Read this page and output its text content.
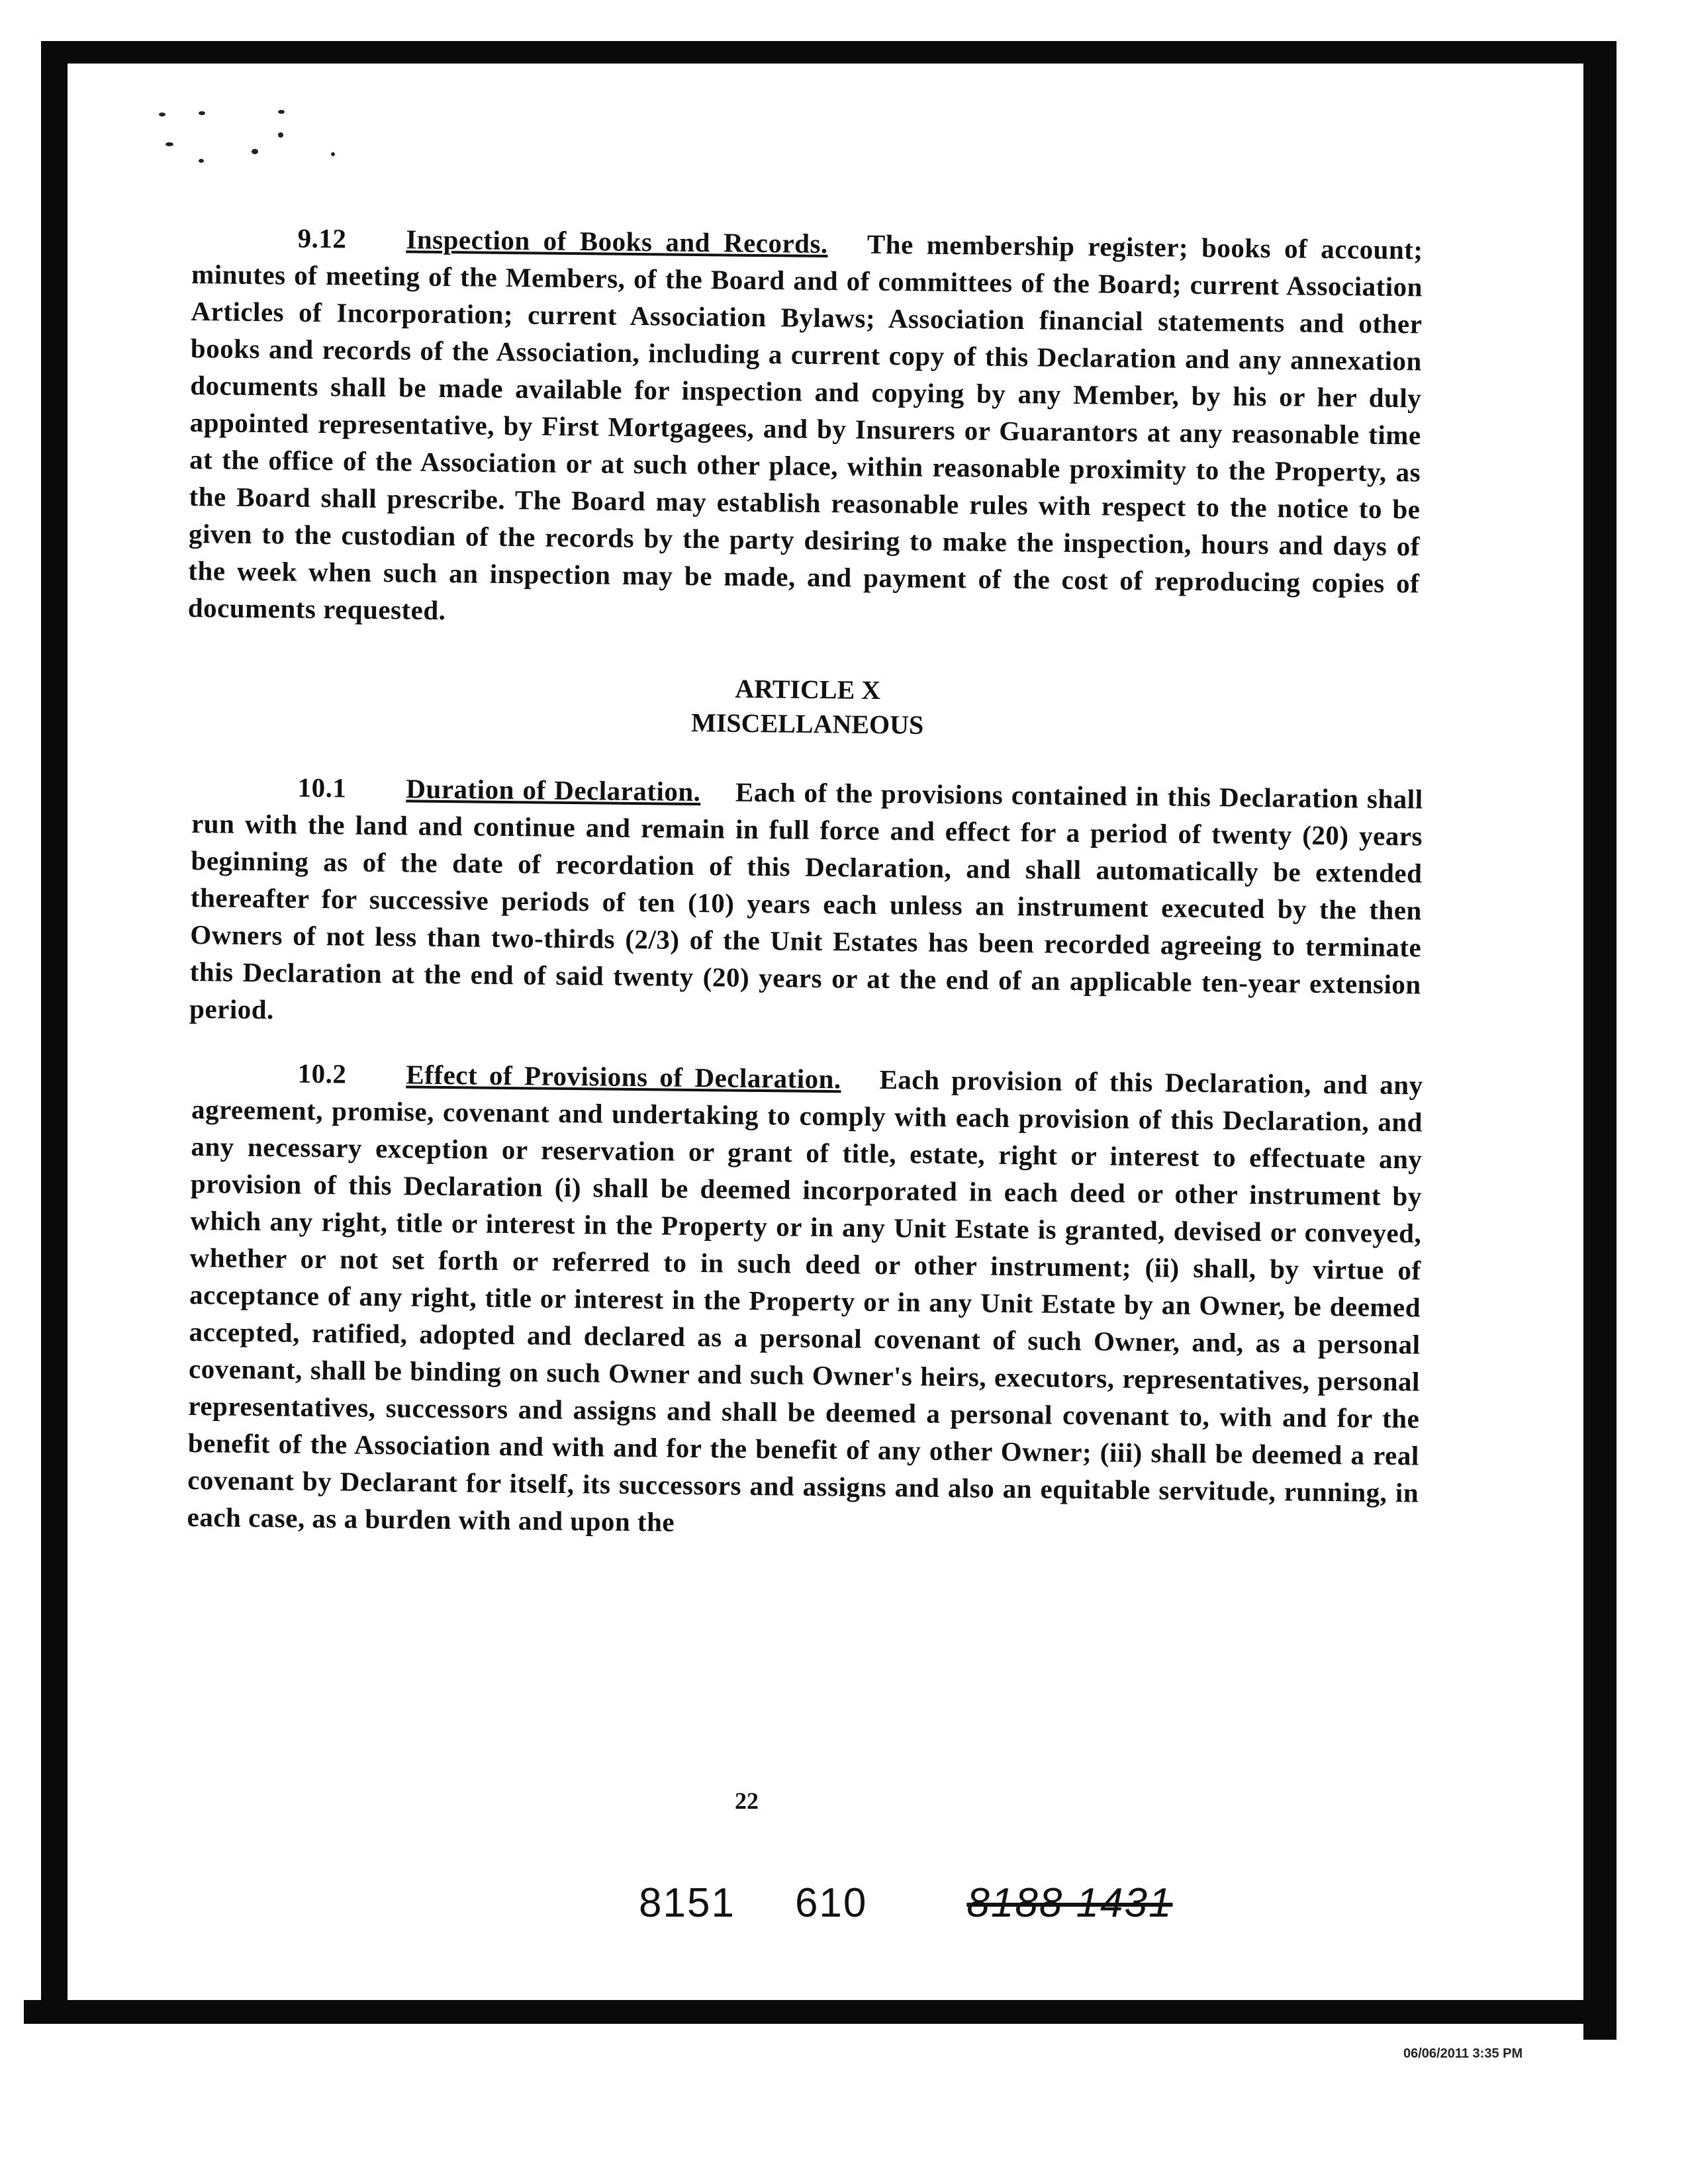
9.12 Inspection of Books and Records. The membership register; books of account; minutes of meeting of the Members, of the Board and of committees of the Board; current Association Articles of Incorporation; current Association Bylaws; Association financial statements and other books and records of the Association, including a current copy of this Declaration and any annexation documents shall be made available for inspection and copying by any Member, by his or her duly appointed representative, by First Mortgagees, and by Insurers or Guarantors at any reasonable time at the office of the Association or at such other place, within reasonable proximity to the Property, as the Board shall prescribe. The Board may establish reasonable rules with respect to the notice to be given to the custodian of the records by the party desiring to make the inspection, hours and days of the week when such an inspection may be made, and payment of the cost of reproducing copies of documents requested.

ARTICLE X
MISCELLANEOUS

10.1 Duration of Declaration. Each of the provisions contained in this Declaration shall run with the land and continue and remain in full force and effect for a period of twenty (20) years beginning as of the date of recordation of this Declaration, and shall automatically be extended thereafter for successive periods of ten (10) years each unless an instrument executed by the then Owners of not less than two-thirds (2/3) of the Unit Estates has been recorded agreeing to terminate this Declaration at the end of said twenty (20) years or at the end of an applicable ten-year extension period.

10.2 Effect of Provisions of Declaration. Each provision of this Declaration, and any agreement, promise, covenant and undertaking to comply with each provision of this Declaration, and any necessary exception or reservation or grant of title, estate, right or interest to effectuate any provision of this Declaration (i) shall be deemed incorporated in each deed or other instrument by which any right, title or interest in the Property or in any Unit Estate is granted, devised or conveyed, whether or not set forth or referred to in such deed or other instrument; (ii) shall, by virtue of acceptance of any right, title or interest in the Property or in any Unit Estate by an Owner, be deemed accepted, ratified, adopted and declared as a personal covenant of such Owner, and, as a personal covenant, shall be binding on such Owner and such Owner's heirs, executors, representatives, personal representatives, successors and assigns and shall be deemed a personal covenant to, with and for the benefit of the Association and with and for the benefit of any other Owner; (iii) shall be deemed a real covenant by Declarant for itself, its successors and assigns and also an equitable servitude, running, in each case, as a burden with and upon the

22
8151 610 8188 1431
06/06/2011 3:35 PM
